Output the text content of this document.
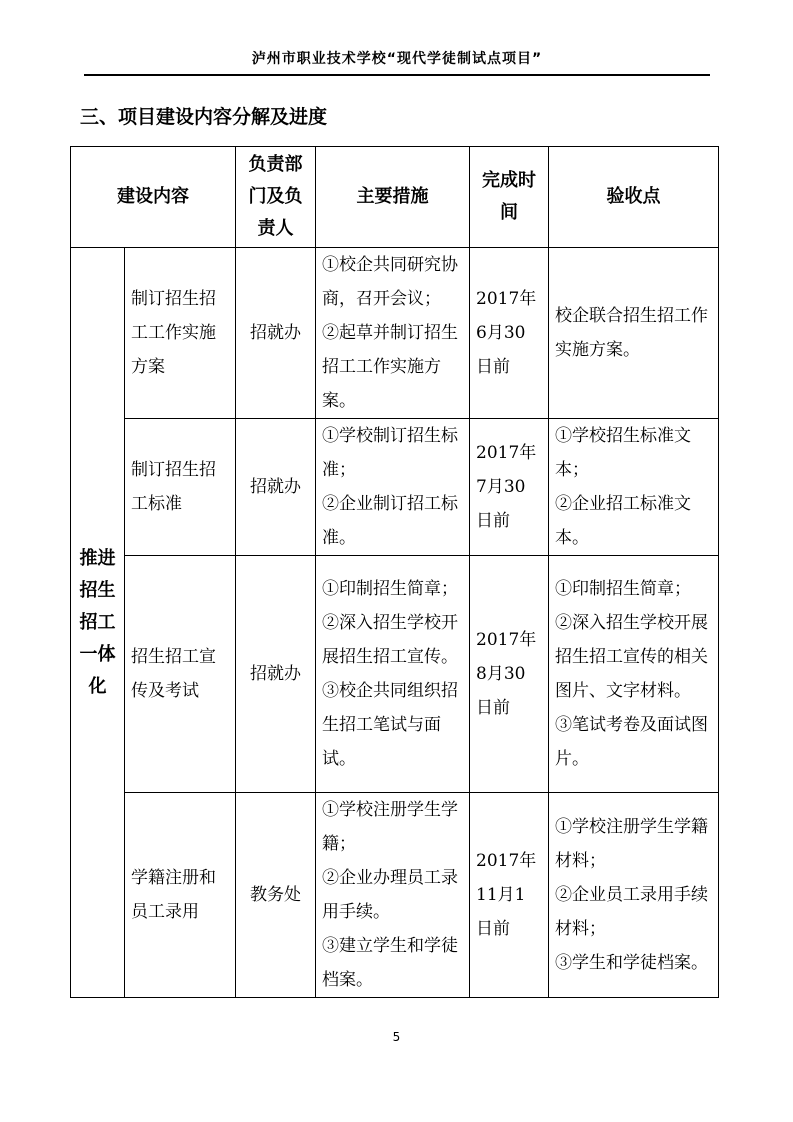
泸州市职业技术学校“现代学徒制试点项目”
三、项目建设内容分解及进度
建设内容		负责部门及负责人	主要措施	完成时间	验收点
推进招生招工一体化	制订招生招工工作实施方案	招就办	①校企共同研究协商，召开会议；
②起草并制订招生招工工作实施方案。	2017年6月30日前	校企联合招生招工作实施方案。

	制订招生招工标准	招就办	①学校制订招生标准；
②企业制订招工标准。	2017年7月30日前	①学校招生标准文本；
②企业招工标准文本。

	招生招工宣传及考试	招就办	①印制招生简章；
②深入招生学校开展招生招工宣传。
③校企共同组织招生招工笔试与面试。	2017年8月30日前	①印制招生简章；
②深入招生学校开展招生招工宣传的相关图片、文字材料。
③笔试考卷及面试图片。

	学籍注册和员工录用	教务处	①学校注册学生学籍；
②企业办理员工录用手续。
③建立学生和学徒档案。	2017年11月1日前	①学校注册学生学籍材料；
②企业员工录用手续材料；
③学生和学徒档案。
5
